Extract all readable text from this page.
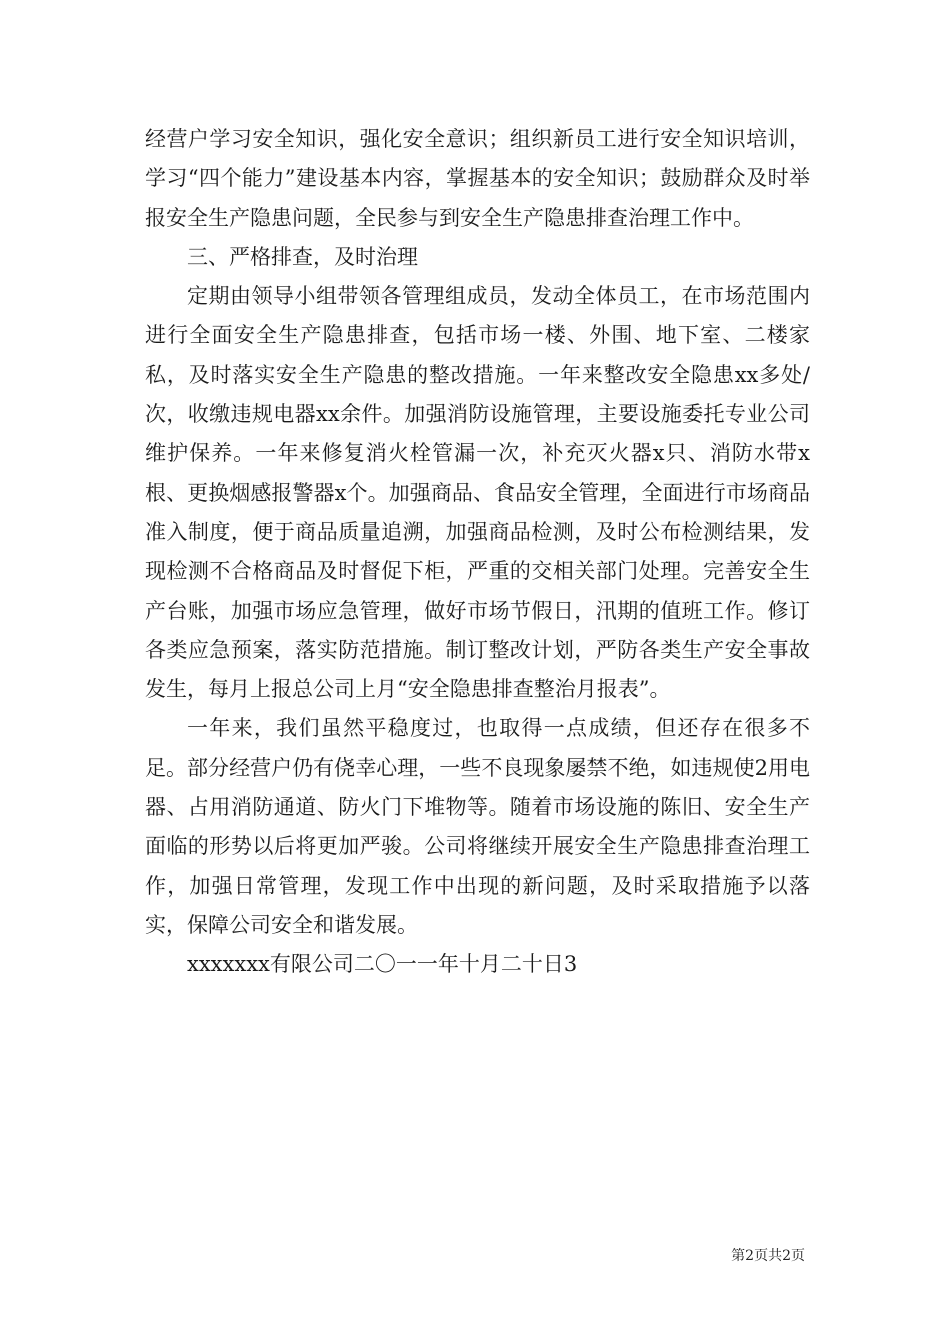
经营户学习安全知识，强化安全意识；组织新员工进行安全知识培训，学习“四个能力”建设基本内容，掌握基本的安全知识；鼓励群众及时举报安全生产隐患问题，全民参与到安全生产隐患排查治理工作中。

三、严格排查，及时治理

定期由领导小组带领各管理组成员，发动全体员工，在市场范围内进行全面安全生产隐患排查，包括市场一楼、外围、地下室、二楼家私，及时落实安全生产隐患的整改措施。一年来整改安全隐患xx多处/次，收缴违规电器xx余件。加强消防设施管理，主要设施委托专业公司维护保养。一年来修复消火栓管漏一次，补充灭火器x只、消防水带x根、更换烟感报警器x个。加强商品、食品安全管理，全面进行市场商品准入制度，便于商品质量追溯，加强商品检测，及时公布检测结果，发现检测不合格商品及时督促下柜，严重的交相关部门处理。完善安全生产台账，加强市场应急管理，做好市场节假日，汛期的值班工作。修订各类应急预案，落实防范措施。制订整改计划，严防各类生产安全事故发生，每月上报总公司上月“安全隐患排查整治月报表”。

一年来，我们虽然平稳度过，也取得一点成绩，但还存在很多不足。部分经营户仍有侥幸心理，一些不良现象屡禁不绝，如违规使2用电器、占用消防通道、防火门下堆物等。随着市场设施的陈旧、安全生产面临的形势以后将更加严骏。公司将继续开展安全生产隐患排查治理工作，加强日常管理，发现工作中出现的新问题，及时采取措施予以落实，保障公司安全和谐发展。

xxxxxxx有限公司二〇一一年十月二十日3

第2页共2页
